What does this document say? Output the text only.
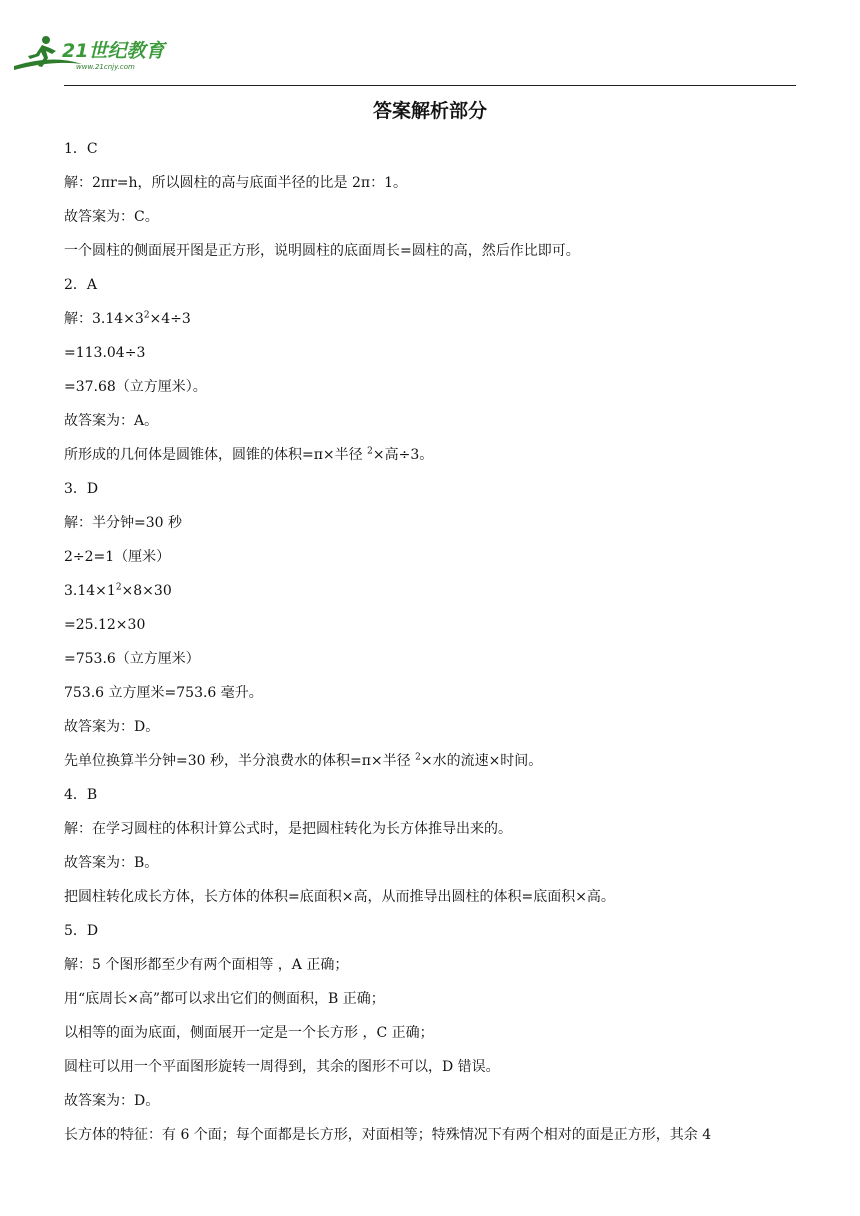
21世纪教育
www.21cnjy.com
答案解析部分
1．C
解：2πr=h，所以圆柱的高与底面半径的比是 2π：1。
故答案为：C。
一个圆柱的侧面展开图是正方形，说明圆柱的底面周长=圆柱的高，然后作比即可。
2．A
解：$3.14\times 3^2\times 4\div 3$
=113.04÷3
=37.68（立方厘米）。
故答案为：A。
所形成的几何体是圆锥体，圆锥的体积=π×半径 $^2$×高÷3。
3．D
解：半分钟=30 秒
2÷2=1（厘米）
$3.14\times 1^2\times 8\times 30$
=25.12×30
=753.6（立方厘米）
753.6 立方厘米=753.6 毫升。
故答案为：D。
先单位换算半分钟=30 秒，半分浪费水的体积=π×半径 $^2$×水的流速×时间。
4．B
解：在学习圆柱的体积计算公式时，是把圆柱转化为长方体推导出来的。
故答案为：B。
把圆柱转化成长方体，长方体的体积=底面积×高，从而推导出圆柱的体积=底面积×高。
5．D
解：5 个图形都至少有两个面相等 ，A 正确；
用“底周长×高”都可以求出它们的侧面积，B 正确；
以相等的面为底面，侧面展开一定是一个长方形 ，C 正确；
圆柱可以用一个平面图形旋转一周得到，其余的图形不可以，D 错误。
故答案为：D。
长方体的特征：有 6 个面；每个面都是长方形，对面相等；特殊情况下有两个相对的面是正方形，其余 4
